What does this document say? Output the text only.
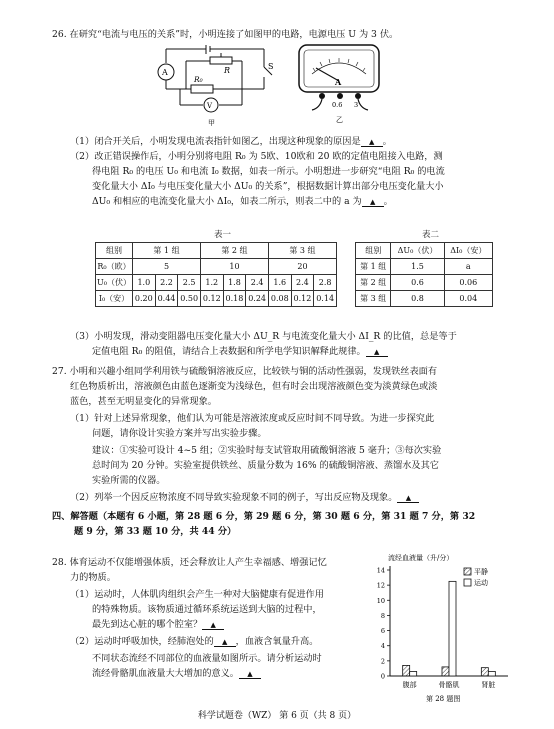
26. 在研究“电流与电压的关系”时，小明连接了如图甲的电路，电源电压 U 为 3 伏。
A
V
R
R₀
S
甲
A
0.6 3
乙
（1）闭合开关后，小明发现电流表指针如图乙，出现这种现象的原因是 ▲ 。
（2）改正错误操作后，小明分别将电阻 R₀ 为 5欧、10欧和 20 欧的定值电阻接入电路，测
得电阻 R₀ 的电压 U₀ 和电流 I₀ 数据，如表一所示。小明想进一步研究“电阻 R₀ 的电流
变化量大小 ΔI₀ 与电压变化量大小 ΔU₀ 的关系”，根据数据计算出部分电压变化量大小
ΔU₀ 和相应的电流变化量大小 ΔI₀，如表二所示，则表二中的 a 为 ▲ 。
表一
组别	第 1 组			第 2 组			第 3 组		
R₀（欧）	5			10			20		
U₀（伏）	1.0	2.2	2.5	1.2	1.8	2.4	1.6	2.4	2.8
I₀（安）	0.20	0.44	0.50	0.12	0.18	0.24	0.08	0.12	0.14
表二
组别	ΔU₀（伏）	ΔI₀（安）
第 1 组	1.5	a
第 2 组	0.6	0.06
第 3 组	0.8	0.04
（3）小明发现，滑动变阻器电压变化量大小 ΔU_R 与电流变化量大小 ΔI_R 的比值，总是等于
定值电阻 R₀ 的阻值，请结合上表数据和所学电学知识解释此规律。 ▲
27. 小明和兴趣小组同学利用铁与硫酸铜溶液反应，比较铁与铜的活动性强弱，发现铁丝表面有
红色物质析出，溶液颜色由蓝色逐渐变为浅绿色，但有时会出现溶液颜色变为淡黄绿色或淡
蓝色，甚至无明显变化的异常现象。
（1）针对上述异常现象，他们认为可能是溶液浓度或反应时间不同导致。为进一步探究此
问题，请你设计实验方案并写出实验步骤。
建议：①实验可设计 4~5 组；②实验时每支试管取用硫酸铜溶液 5 毫升；③每次实验
总时间为 20 分钟。实验室提供铁丝、质量分数为 16% 的硫酸铜溶液、蒸馏水及其它
实验所需的仪器。
（2）列举一个因反应物浓度不同导致实验现象不同的例子，写出反应物及现象。 ▲
四、解答题（本题有 6 小题，第 28 题 6 分，第 29 题 6 分，第 30 题 6 分，第 31 题 7 分，第 32
题 9 分，第 33 题 10 分，共 44 分）
28. 体育运动不仅能增强体质，还会释放让人产生幸福感、增强记忆
力的物质。
（1）运动时，人体肌肉组织会产生一种对大脑健康有促进作用
的特殊物质。该物质通过循环系统运送到大脑的过程中，
最先到达心脏的哪个腔室？ ▲
（2）运动时呼吸加快，经肺泡处的 ▲ ，血液含氧量升高。
不同状态流经不同部位的血液量如图所示。请分析运动时
流经骨骼肌血液量大大增加的意义。 ▲
流经血液量（升/分）
0
2
4
6
8
10
12
14
腹部	骨骼肌	肾脏
平静
运动
第 28 题图
科学试题卷（WZ） 第 6 页（共 8 页）
